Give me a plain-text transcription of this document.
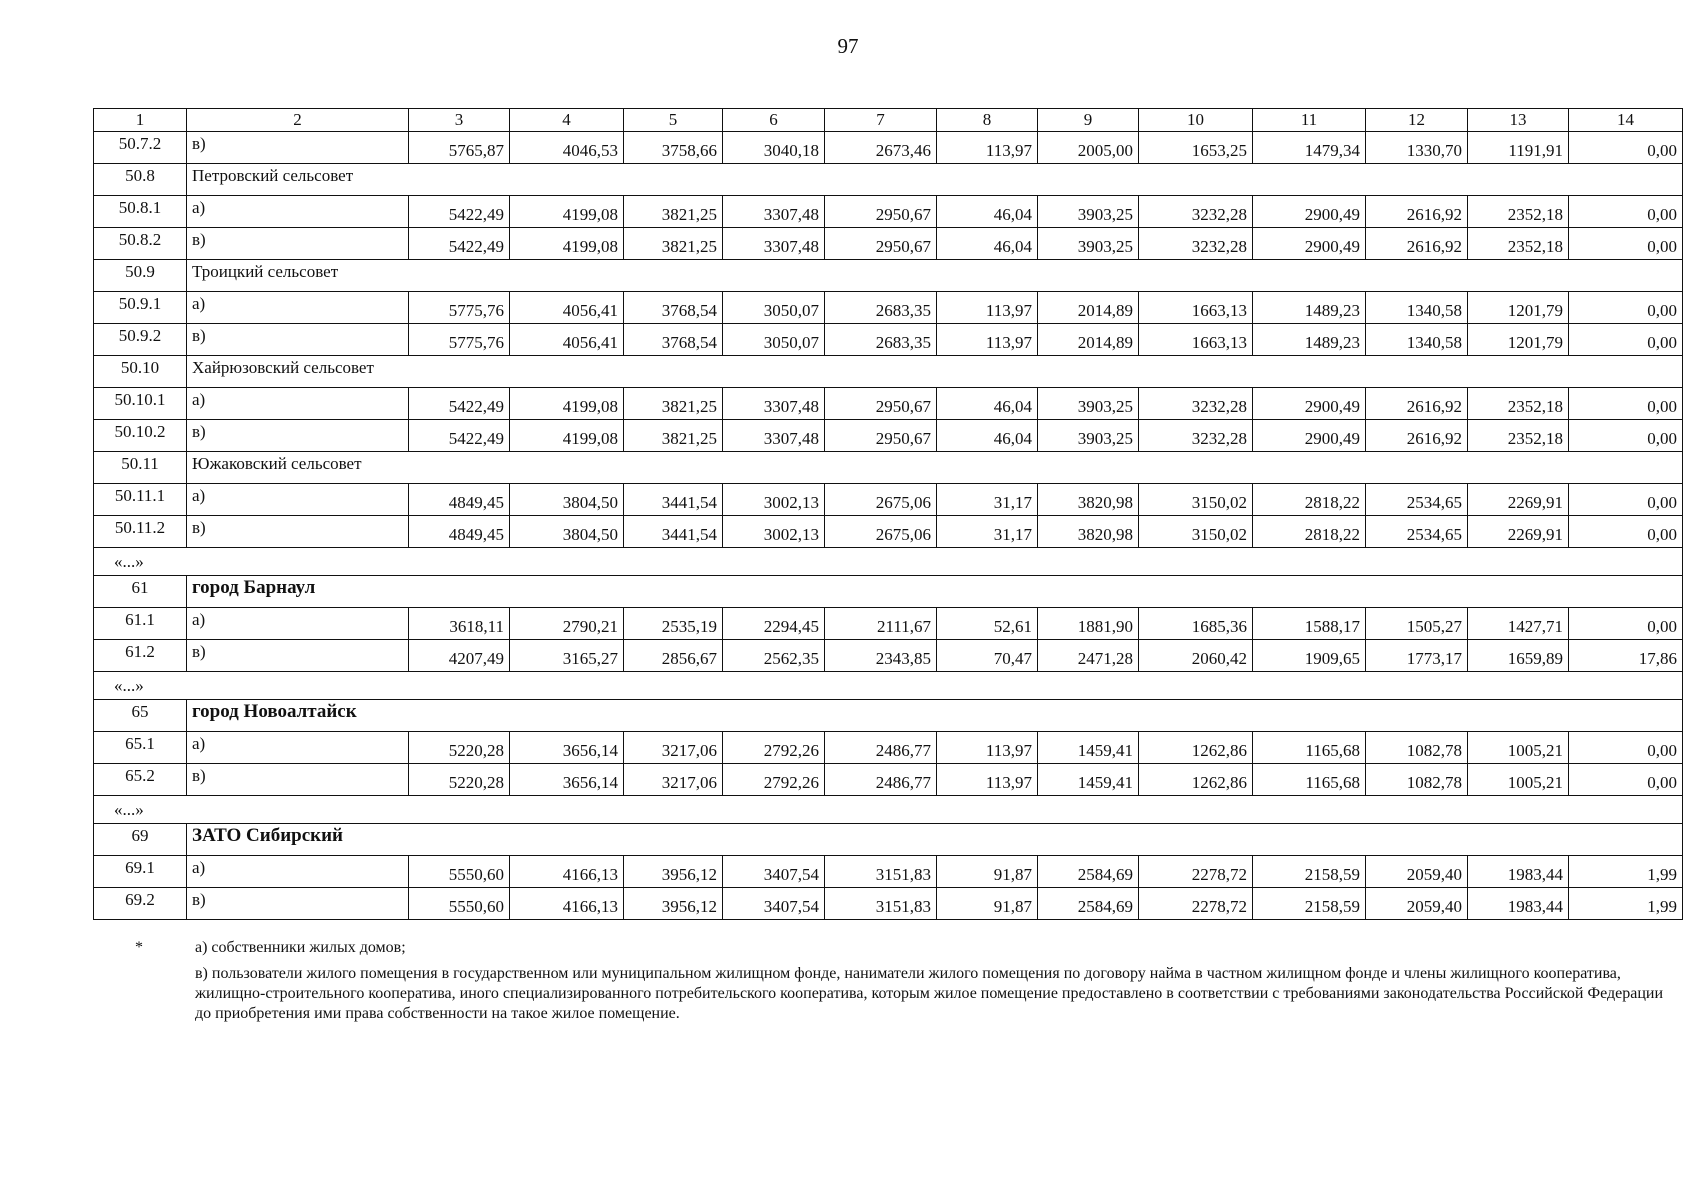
97
1	2	3	4	5	6	7	8	9	10	11	12	13	14
50.7.2	в)	5765,87	4046,53	3758,66	3040,18	2673,46	113,97	2005,00	1653,25	1479,34	1330,70	1191,91	0,00
50.8	Петровский сельсовет												
50.8.1	а)	5422,49	4199,08	3821,25	3307,48	2950,67	46,04	3903,25	3232,28	2900,49	2616,92	2352,18	0,00
50.8.2	в)	5422,49	4199,08	3821,25	3307,48	2950,67	46,04	3903,25	3232,28	2900,49	2616,92	2352,18	0,00
50.9	Троицкий сельсовет												
50.9.1	а)	5775,76	4056,41	3768,54	3050,07	2683,35	113,97	2014,89	1663,13	1489,23	1340,58	1201,79	0,00
50.9.2	в)	5775,76	4056,41	3768,54	3050,07	2683,35	113,97	2014,89	1663,13	1489,23	1340,58	1201,79	0,00
50.10	Хайрюзовский сельсовет												
50.10.1	а)	5422,49	4199,08	3821,25	3307,48	2950,67	46,04	3903,25	3232,28	2900,49	2616,92	2352,18	0,00
50.10.2	в)	5422,49	4199,08	3821,25	3307,48	2950,67	46,04	3903,25	3232,28	2900,49	2616,92	2352,18	0,00
50.11	Южаковский сельсовет												
50.11.1	а)	4849,45	3804,50	3441,54	3002,13	2675,06	31,17	3820,98	3150,02	2818,22	2534,65	2269,91	0,00
50.11.2	в)	4849,45	3804,50	3441,54	3002,13	2675,06	31,17	3820,98	3150,02	2818,22	2534,65	2269,91	0,00
«...»													
61	город Барнаул												
61.1	а)	3618,11	2790,21	2535,19	2294,45	2111,67	52,61	1881,90	1685,36	1588,17	1505,27	1427,71	0,00
61.2	в)	4207,49	3165,27	2856,67	2562,35	2343,85	70,47	2471,28	2060,42	1909,65	1773,17	1659,89	17,86
«...»													
65	город Новоалтайск												
65.1	а)	5220,28	3656,14	3217,06	2792,26	2486,77	113,97	1459,41	1262,86	1165,68	1082,78	1005,21	0,00
65.2	в)	5220,28	3656,14	3217,06	2792,26	2486,77	113,97	1459,41	1262,86	1165,68	1082,78	1005,21	0,00
«...»													
69	ЗАТО Сибирский												
69.1	а)	5550,60	4166,13	3956,12	3407,54	3151,83	91,87	2584,69	2278,72	2158,59	2059,40	1983,44	1,99
69.2	в)	5550,60	4166,13	3956,12	3407,54	3151,83	91,87	2584,69	2278,72	2158,59	2059,40	1983,44	1,99
*	а) собственники жилых домов;
в) пользователи жилого помещения в государственном или муниципальном жилищном фонде, наниматели жилого помещения по договору найма в частном жилищном фонде и члены жилищного кооператива, жилищно-строительного кооператива, иного специализированного потребительского кооператива, которым жилое помещение предоставлено в соответствии с требованиями законодательства Российской Федерации до приобретения ими права собственности на такое жилое помещение.
